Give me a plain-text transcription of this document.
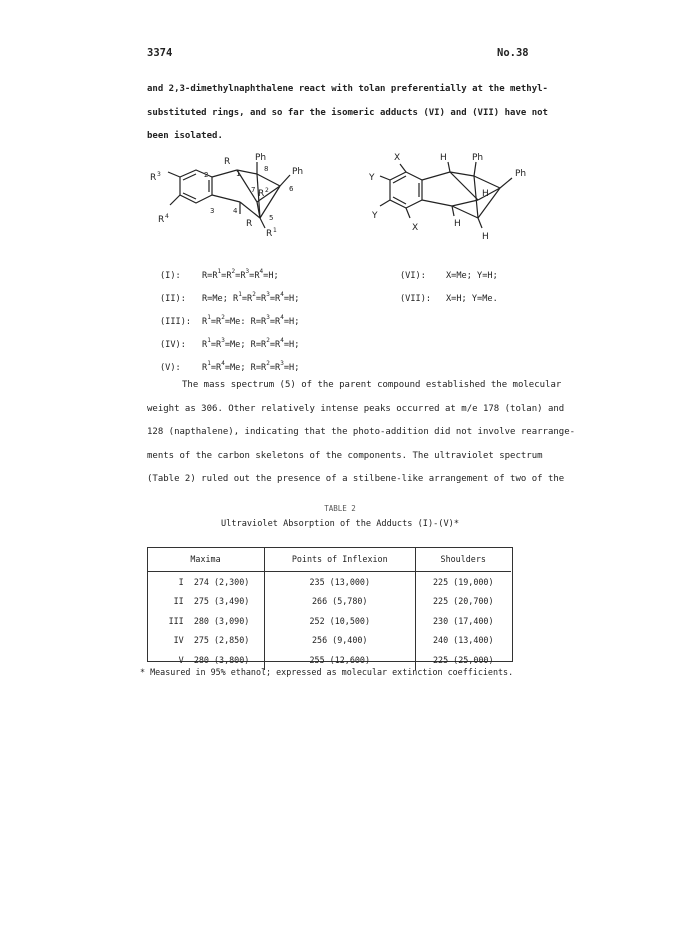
3374	No.38
and 2,3-dimethylnaphthalene react with tolan preferentially at the methyl-
substituted rings, and so far the isomeric adducts (VI) and (VII) have not
been isolated.
R	Ph
Ph
R 3
R 4
R 2
R
R 1
1
2
3	4
5
6
7
8
X	H	Ph
Ph
Y
H
Y
X	H
H
(I): $R=R^1=R^2=R^3=R^4=H$;
(II): R=Me; $R^1=R^2=R^3=R^4=H$;
(III): $R^1=R^2=Me$: $R=R^3=R^4=H$;
(IV): $R^1=R^3=Me$; $R=R^2=R^4=H$;
(V): $R^1=R^4=Me$; $R=R^2=R^3=H$;
(VI): X=Me; Y=H;
(VII): X=H; Y=Me.
The mass spectrum (5) of the parent compound established the molecular
weight as 306. Other relatively intense peaks occurred at m/e 178 (tolan) and
128 (napthalene), indicating that the photo-addition did not involve rearrange-
ments of the carbon skeletons of the components. The ultraviolet spectrum
(Table 2) ruled out the presence of a stilbene-like arrangement of two of the
TABLE 2
Ultraviolet Absorption of the Adducts (I)-(V)*
Maxima	Points of Inflexion	Shoulders
I 274 (2,300)	235 (13,000)	225 (19,000)
II 275 (3,490)	266 (5,780)	225 (20,700)
III 280 (3,090)	252 (10,500)	230 (17,400)
IV 275 (2,850)	256 (9,400)	240 (13,400)
V 280 (3,800)	255 (12,600)	225 (25,000)
* Measured in 95% ethanol; expressed as molecular extinction coefficients.
